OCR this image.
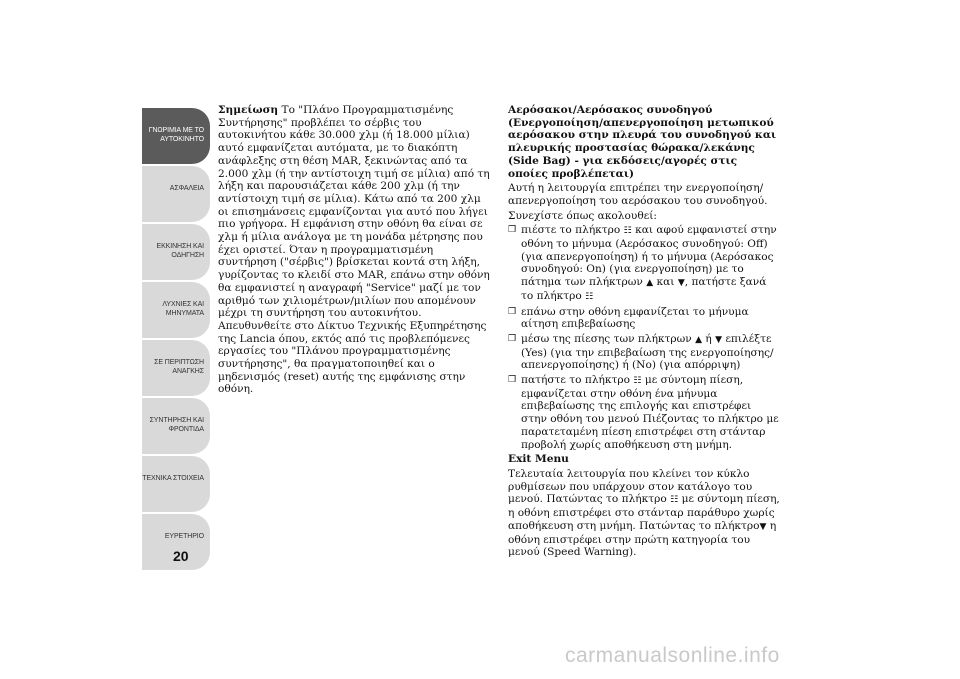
ΓΝΩΡΙΜΙΑ ΜΕ ΤΟ ΑΥΤΟΚΙΝΗΤΟ
ΑΣΦΑΛΕΙΑ
ΕΚΚΙΝΗΣΗ ΚΑΙ ΟΔΗΓΗΣΗ
ΛΥΧΝΙΕΣ ΚΑΙ ΜΗΝΥΜΑΤΑ
ΣΕ ΠΕΡΙΠΤΩΣΗ ΑΝΑΓΚΗΣ
ΣΥΝΤΗΡΗΣΗ ΚΑΙ ΦΡΟΝΤΙΔΑ
ΤΕΧΝΙΚΑ ΣΤΟΙΧΕΙΑ
ΕΥΡΕΤΗΡΙΟ
20

Σημείωση Το "Πλάνο Προγραμματισμένης Συντήρησης" προβλέπει το σέρβις του αυτοκινήτου κάθε 30.000 χλμ (ή 18.000 μίλια) αυτό εμφανίζεται αυτόματα, με το διακόπτη ανάφλεξης στη θέση MAR, ξεκινώντας από τα 2.000 χλμ (ή την αντίστοιχη τιμή σε μίλια) από τη λήξη και παρουσιάζεται κάθε 200 χλμ (ή την αντίστοιχη τιμή σε μίλια). Κάτω από τα 200 χλμ οι επισημάνσεις εμφανίζονται για αυτό που λήγει πιο γρήγορα. Η εμφάνιση στην οθόνη θα είναι σε χλμ ή μίλια ανάλογα με τη μονάδα μέτρησης που έχει οριστεί. Όταν η προγραμματισμένη συντήρηση ("σέρβις") βρίσκεται κοντά στη λήξη, γυρίζοντας το κλειδί στο MAR, επάνω στην οθόνη θα εμφανιστεί η αναγραφή "Service" μαζί με τον αριθμό των χιλιομέτρων/μιλίων που απομένουν μέχρι τη συντήρηση του αυτοκινήτου. Απευθυνθείτε στο Δίκτυο Τεχνικής Εξυπηρέτησης της Lancia όπου, εκτός από τις προβλεπόμενες εργασίες του "Πλάνου προγραμματισμένης συντήρησης", θα πραγματοποιηθεί και ο μηδενισμός (reset) αυτής της εμφάνισης στην οθόνη.

Αερόσακοι/Αερόσακος συνοδηγού (Ενεργοποίηση/απενεργοποίηση μετωπικού αερόσακου στην πλευρά του συνοδηγού και πλευρικής προστασίας θώρακα/λεκάνης (Side Bag) - για εκδόσεις/αγορές στις οποίες προβλέπεται)

Αυτή η λειτουργία επιτρέπει την ενεργοποίηση/απενεργοποίηση του αερόσακου του συνοδηγού.

Συνεχίστε όπως ακολουθεί:

❒ πιέστε το πλήκτρο ☷ και αφού εμφανιστεί στην οθόνη το μήνυμα (Αερόσακος συνοδηγού: Off) (για απενεργοποίηση) ή το μήνυμα (Αερόσακος συνοδηγού: On) (για ενεργοποίηση) με το πάτημα των πλήκτρων ▲ και ▼, πατήστε ξανά το πλήκτρο ☷
❒ επάνω στην οθόνη εμφανίζεται το μήνυμα αίτηση επιβεβαίωσης
❒ μέσω της πίεσης των πλήκτρων ▲ ή ▼ επιλέξτε (Yes) (για την επιβεβαίωση της ενεργοποίησης/απενεργοποίησης) ή (No) (για απόρριψη)
❒ πατήστε το πλήκτρο ☷ με σύντομη πίεση, εμφανίζεται στην οθόνη ένα μήνυμα επιβεβαίωσης της επιλογής και επιστρέφει στην οθόνη του μενού Πιέζοντας το πλήκτρο με παρατεταμένη πίεση επιστρέφει στη στάνταρ προβολή χωρίς αποθήκευση στη μνήμη.

Exit Menu

Τελευταία λειτουργία που κλείνει τον κύκλο ρυθμίσεων που υπάρχουν στον κατάλογο του μενού. Πατώντας το πλήκτρο ☷ με σύντομη πίεση, η οθόνη επιστρέφει στο στάνταρ παράθυρο χωρίς αποθήκευση στη μνήμη. Πατώντας το πλήκτρο▼ η οθόνη επιστρέφει στην πρώτη κατηγορία του μενού (Speed Warning).

carmanualsonline.info
